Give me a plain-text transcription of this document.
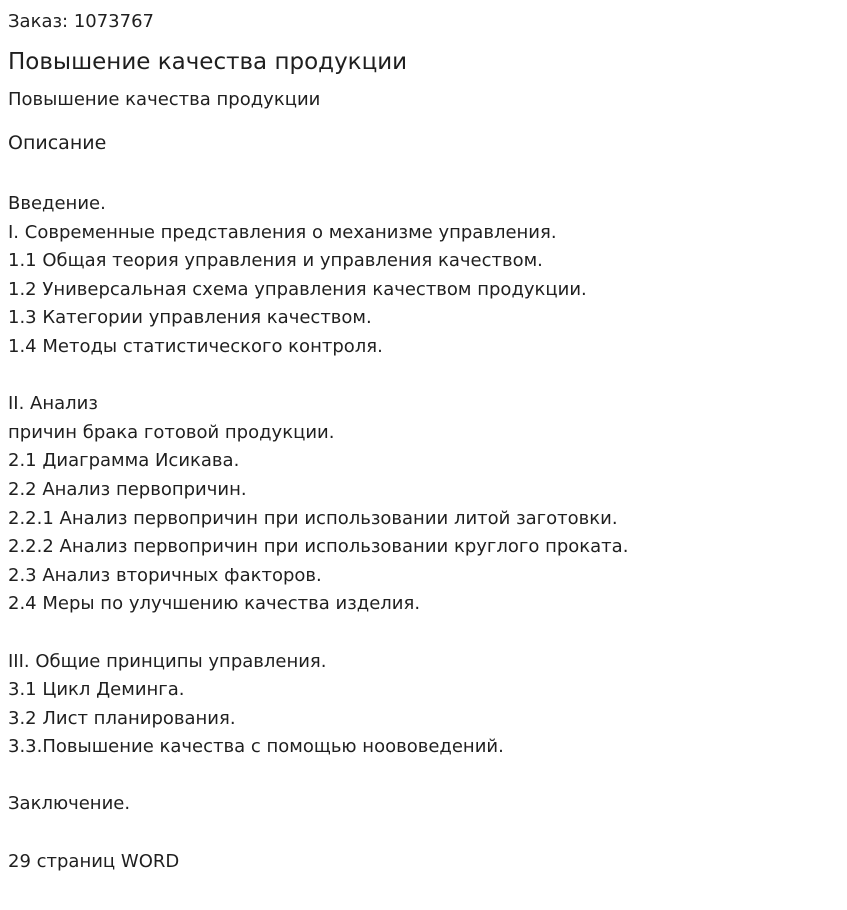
Заказ: 1073767

Повышение качества продукции

Повышение качества продукции

Описание
Введение.
I. Современные представления о механизме управления.
1.1 Общая теория управления и управления качеством.
1.2 Универсальная схема управления качеством продукции.
1.3 Категории управления качеством.
1.4 Методы статистического контроля.
II. Анализ
причин брака готовой продукции.
2.1 Диаграмма Исикава.
2.2 Анализ первопричин.
2.2.1 Анализ первопричин при использовании литой заготовки.
2.2.2 Анализ первопричин при использовании круглого проката.
2.3 Анализ вторичных факторов.
2.4 Меры по улучшению качества изделия.
III. Общие принципы управления.
3.1 Цикл Деминга.
3.2 Лист планирования.
3.3.Повышение качества с помощью ноововедений.
Заключение.
29 страниц WORD
